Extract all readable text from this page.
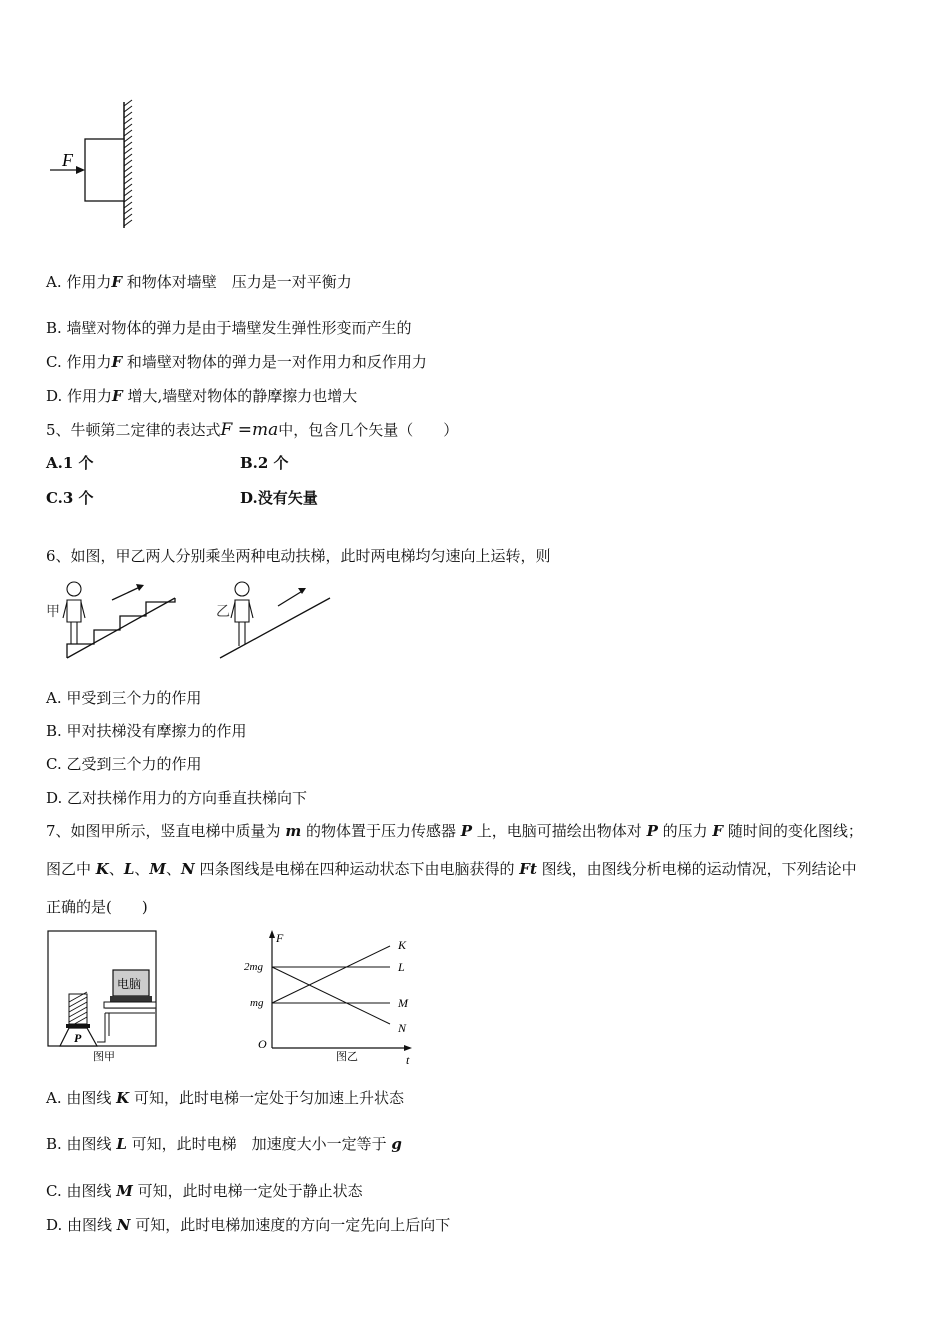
F
A. 作用力F 和物体对墙壁　压力是一对平衡力
B. 墙壁对物体的弹力是由于墙壁发生弹性形变而产生的
C. 作用力F 和墙壁对物体的弹力是一对作用力和反作用力
D. 作用力F 增大,墙壁对物体的静摩擦力也增大
5、牛顿第二定律的表达式F =ma中，包含几个矢量（　　）
A.1 个	B.2 个
C.3 个	D.没有矢量
6、如图，甲乙两人分别乘坐两种电动扶梯，此时两电梯均匀速向上运转，则
甲	乙
A. 甲受到三个力的作用
B. 甲对扶梯没有摩擦力的作用
C. 乙受到三个力的作用
D. 乙对扶梯作用力的方向垂直扶梯向下
7、如图甲所示，竖直电梯中质量为 m 的物体置于压力传感器 P 上，电脑可描绘出物体对 P 的压力 F 随时间的变化图线；
图乙中 K、L、M、N 四条图线是电梯在四种运动状态下由电脑获得的 Ft 图线，由图线分析电梯的运动情况，下列结论中
正确的是(　　)
电脑
P
图甲
F
t
O
2mg
mg
K
L
M
N
图乙
A. 由图线 K 可知，此时电梯一定处于匀加速上升状态
B. 由图线 L 可知，此时电梯　加速度大小一定等于 g
C. 由图线 M 可知，此时电梯一定处于静止状态
D. 由图线 N 可知，此时电梯加速度的方向一定先向上后向下
